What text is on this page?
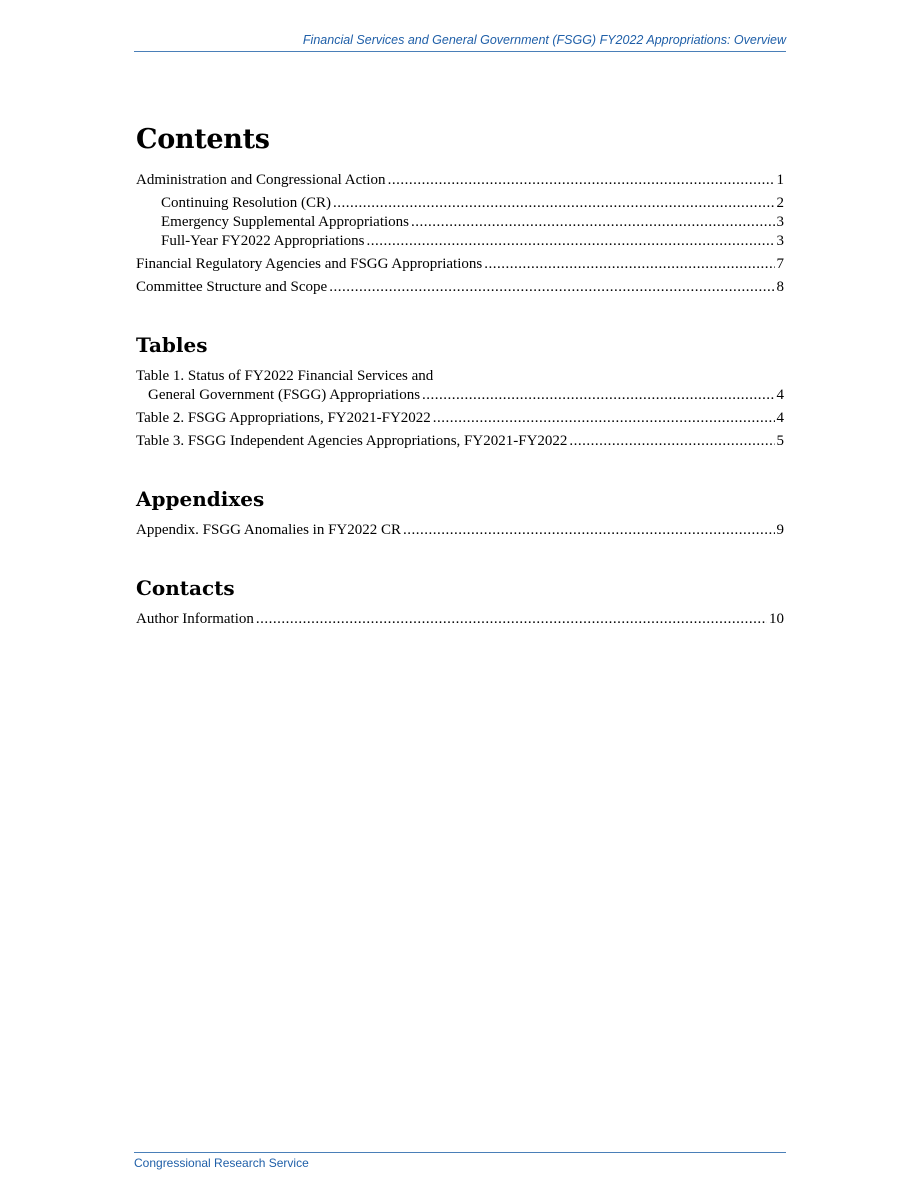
Financial Services and General Government (FSGG) FY2022 Appropriations: Overview
Contents
Administration and Congressional Action .....	1
Continuing Resolution (CR) .....	2
Emergency Supplemental Appropriations .....	3
Full-Year FY2022 Appropriations .....	3
Financial Regulatory Agencies and FSGG Appropriations .....	7
Committee Structure and Scope .....	8
Tables
Table 1. Status of FY2022 Financial Services and
General Government (FSGG) Appropriations .....	4
Table 2. FSGG Appropriations, FY2021-FY2022 .....	4
Table 3. FSGG Independent Agencies Appropriations, FY2021-FY2022 .....	5
Appendixes
Appendix. FSGG Anomalies in FY2022 CR .....	9
Contacts
Author Information .....	10
Congressional Research Service
